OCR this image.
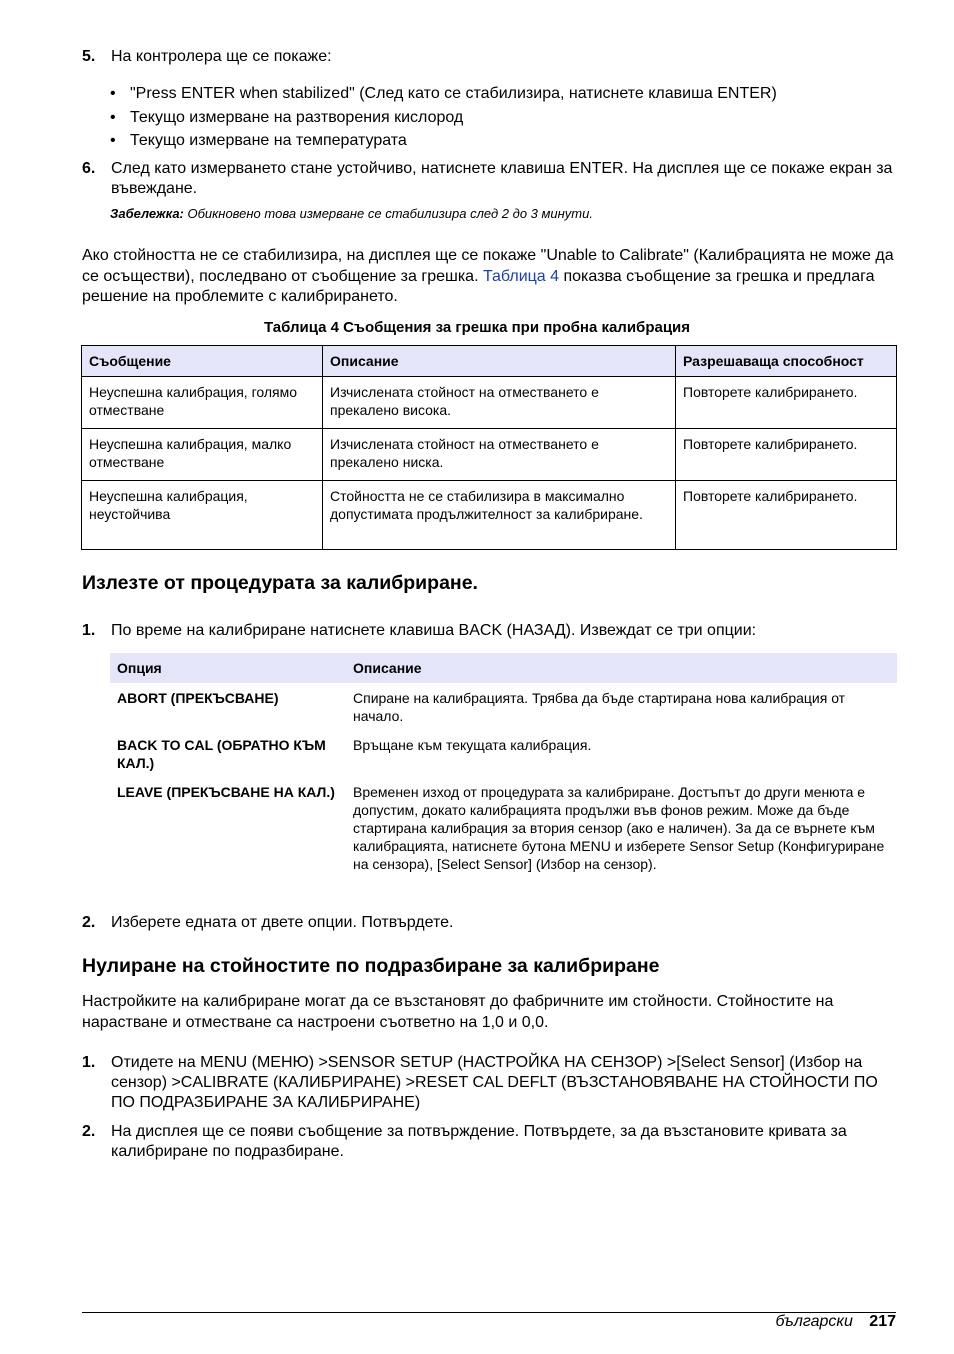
5. На контролера ще се покаже:
• "Press ENTER when stabilized" (След като се стабилизира, натиснете клавиша ENTER)
• Текущо измерване на разтворения кислород
• Текущо измерване на температурата
6. След като измерването стане устойчиво, натиснете клавиша ENTER. На дисплея ще се покаже екран за въвеждане.
Забележка: Обикновено това измерване се стабилизира след 2 до 3 минути.
Ако стойността не се стабилизира, на дисплея ще се покаже "Unable to Calibrate" (Калибрацията не може да се осъществи), последвано от съобщение за грешка. Таблица 4 показва съобщение за грешка и предлага решение на проблемите с калибрирането.
Таблица 4 Съобщения за грешка при пробна калибрация
Съобщение	Описание	Разрешаваща способност
Неуспешна калибрация, голямо отместване	Изчислената стойност на отместването е прекалено висока.	Повторете калибрирането.
Неуспешна калибрация, малко отместване	Изчислената стойност на отместването е прекалено ниска.	Повторете калибрирането.
Неуспешна калибрация, неустойчива	Стойността не се стабилизира в максимално допустимата продължителност за калибриране.	Повторете калибрирането.
Излезте от процедурата за калибриране.
1. По време на калибриране натиснете клавиша BACK (НАЗАД). Извеждат се три опции:
Опция	Описание
ABORT (ПРЕКЪСВАНЕ)	Спиране на калибрацията. Трябва да бъде стартирана нова калибрация от начало.
BACK TO CAL (ОБРАТНО КЪМ КАЛ.)	Връщане към текущата калибрация.
LEAVE (ПРЕКЪСВАНЕ НА КАЛ.)	Временен изход от процедурата за калибриране. Достъпът до други менюта е допустим, докато калибрацията продължи във фонов режим. Може да бъде стартирана калибрация за втория сензор (ако е наличен). За да се върнете към калибрацията, натиснете бутона MENU и изберете Sensor Setup (Конфигуриране на сензора), [Select Sensor] (Избор на сензор).
2. Изберете едната от двете опции. Потвърдете.
Нулиране на стойностите по подразбиране за калибриране
Настройките на калибриране могат да се възстановят до фабричните им стойности. Стойностите на нарастване и отместване са настроени съответно на 1,0 и 0,0.
1. Отидете на MENU (МЕНЮ) >SENSOR SETUP (НАСТРОЙКА НА СЕНЗОР) >[Select Sensor] (Избор на сензор) >CALIBRATE (КАЛИБРИРАНЕ) >RESET CAL DEFLT (ВЪЗСТАНОВЯВАНЕ НА СТОЙНОСТИ ПО ПО ПОДРАЗБИРАНЕ ЗА КАЛИБРИРАНЕ)
2. На дисплея ще се появи съобщение за потвърждение. Потвърдете, за да възстановите кривата за калибриране по подразбиране.
български 217
